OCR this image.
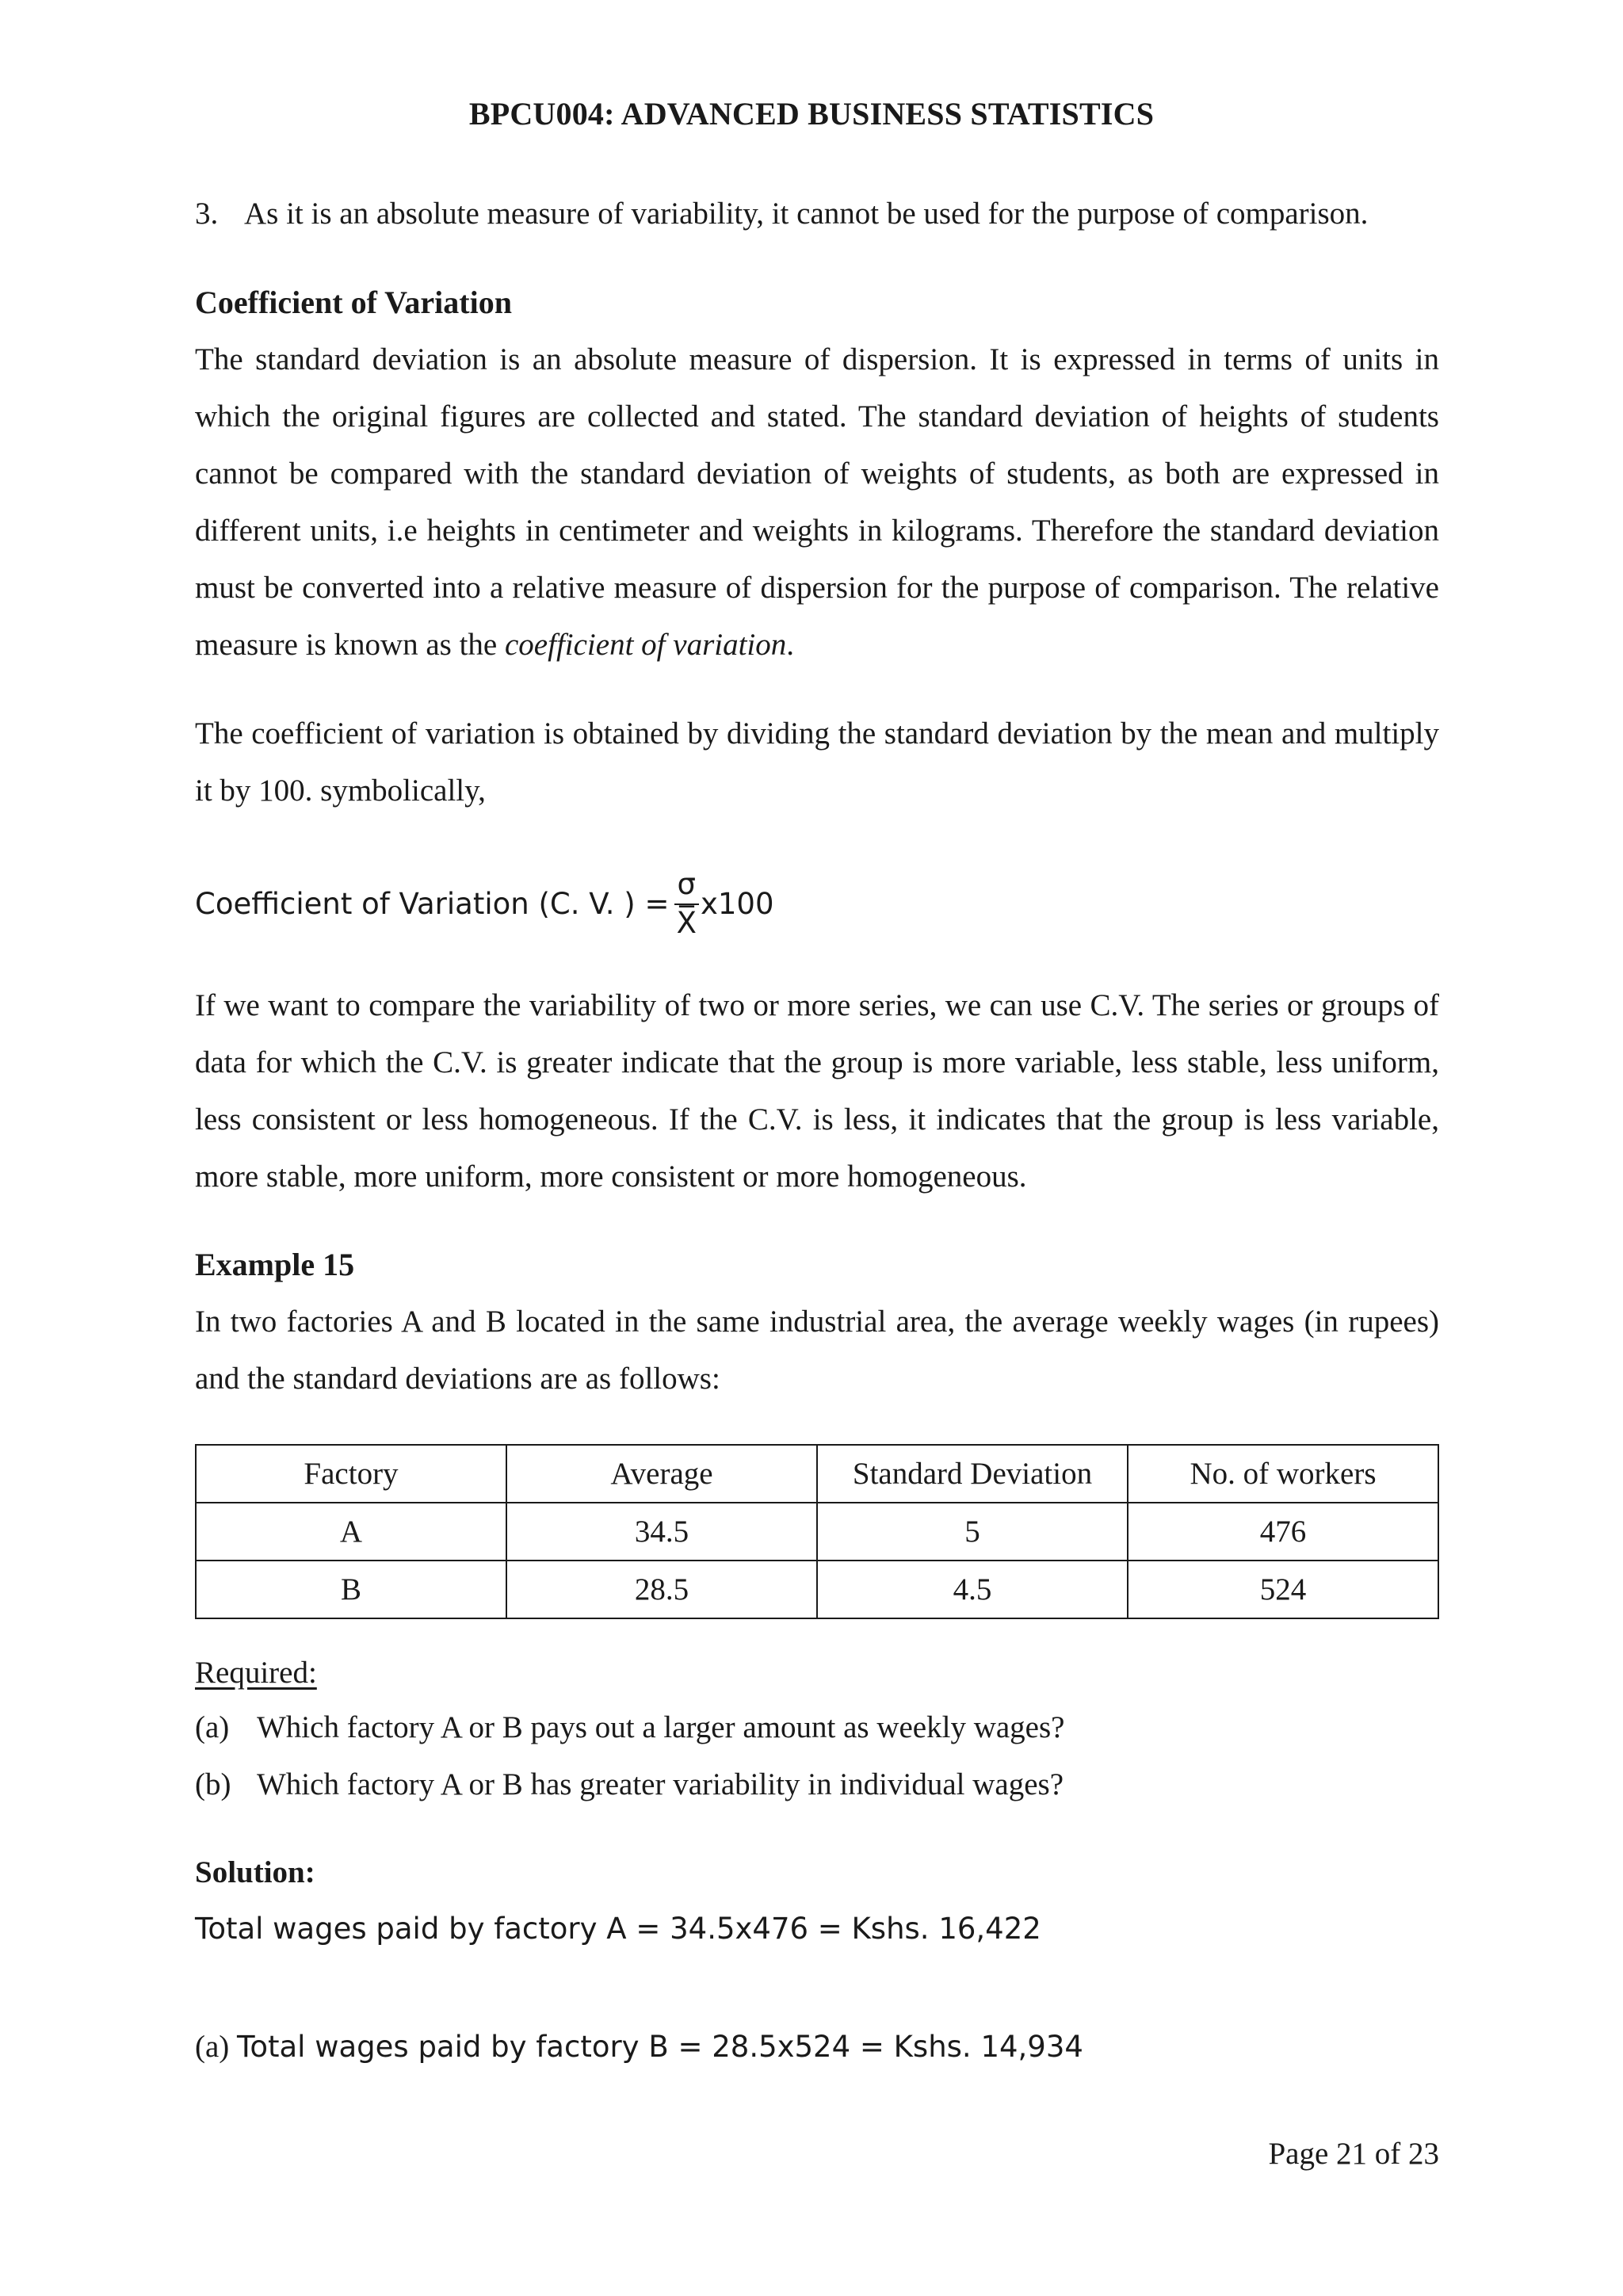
BPCU004: ADVANCED BUSINESS STATISTICS
3. As it is an absolute measure of variability, it cannot be used for the purpose of comparison.
Coefficient of Variation
The standard deviation is an absolute measure of dispersion. It is expressed in terms of units in which the original figures are collected and stated. The standard deviation of heights of students cannot be compared with the standard deviation of weights of students, as both are expressed in different units, i.e heights in centimeter and weights in kilograms. Therefore the standard deviation must be converted into a relative measure of dispersion for the purpose of comparison. The relative measure is known as the coefficient of variation.
The coefficient of variation is obtained by dividing the standard deviation by the mean and multiply it by 100. symbolically,
Coefficient of Variation (C. V. ) = $\frac{\sigma}{X̅} x100$
If we want to compare the variability of two or more series, we can use C.V. The series or groups of data for which the C.V. is greater indicate that the group is more variable, less stable, less uniform, less consistent or less homogeneous. If the C.V. is less, it indicates that the group is less variable, more stable, more uniform, more consistent or more homogeneous.
Example 15
In two factories A and B located in the same industrial area, the average weekly wages (in rupees) and the standard deviations are as follows:
Factory	Average	Standard Deviation	No. of workers
A	34.5	5	476
B	28.5	4.5	524
Required:
(a) Which factory A or B pays out a larger amount as weekly wages?
(b) Which factory A or B has greater variability in individual wages?
Solution:
Total wages paid by factory A = 34.5x476 = Kshs. 16,422
(a) Total wages paid by factory B = 28.5x524 = Kshs. 14,934
Page 21 of 23
